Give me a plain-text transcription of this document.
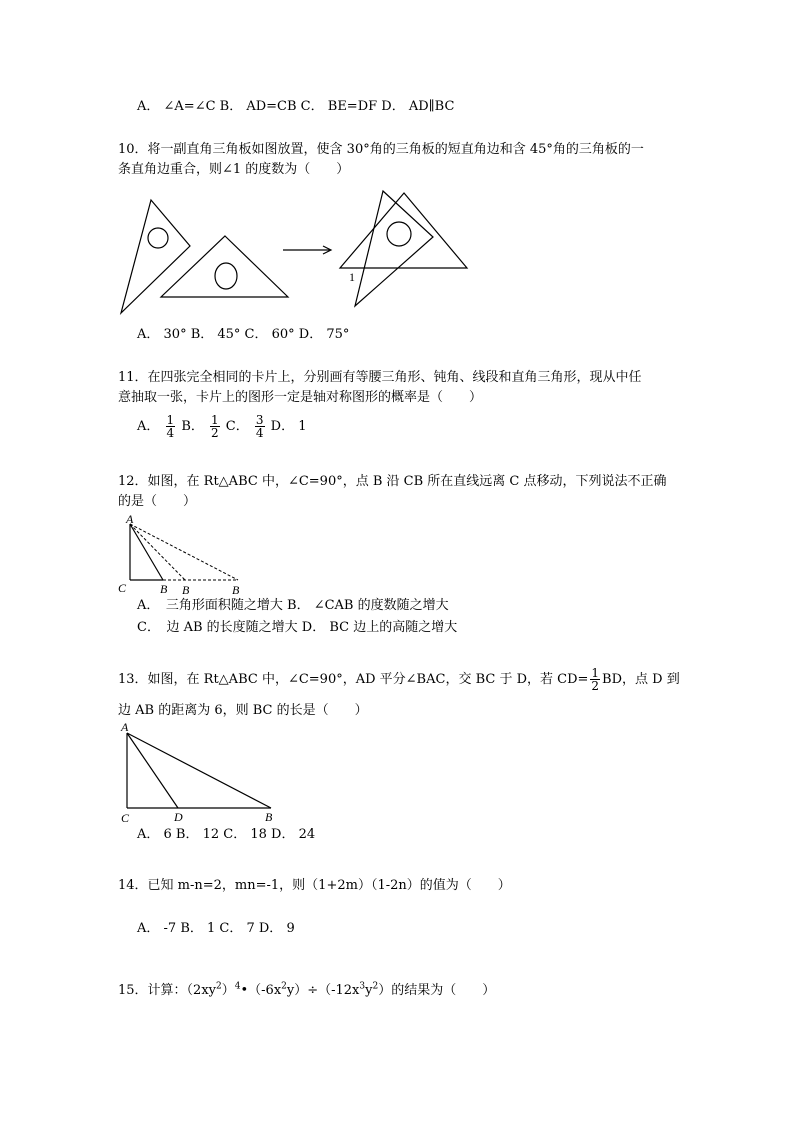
A． ∠A=∠C B． AD=CB C． BE=DF D． AD∥BC
10．将一副直角三角板如图放置，使含 30°角的三角板的短直角边和含 45°角的三角板的一
条直角边重合，则∠1 的度数为（　　）
1
A． 30° B． 45° C． 60° D． 75°
11．在四张完全相同的卡片上，分别画有等腰三角形、钝角、线段和直角三角形，现从中任
意抽取一张，卡片上的图形一定是轴对称图形的概率是（　　）
A． $\frac{1}{4}$ B． $\frac{1}{2}$ C． $\frac{3}{4}$ D． 1
12．如图，在 Rt△ABC 中，∠C=90°，点 B 沿 CB 所在直线远离 C 点移动，下列说法不正确
的是（　　）
A
C	B B	B
A．　三角形面积随之增大 B． ∠CAB 的度数随之增大
C．　边 AB 的长度随之增大 D． BC 边上的高随之增大
13．如图，在 Rt△ABC 中，∠C=90°，AD 平分∠BAC，交 BC 于 D，若 $CD= \frac{1}{2}$ BD，点 D 到
边 AB 的距离为 6，则 BC 的长是（　　）
A
C	D	B
A． 6 B． 12 C． 18 D． 24
14．已知 m-n=2，mn=-1，则（1+2m）（1-2n）的值为（　　）
A． -7 B． 1 C． 7 D． 9
15．计算：$(2xy^2)^4•(-6x^2y)\div(-12x^3y^2)$的结果为（　　）
